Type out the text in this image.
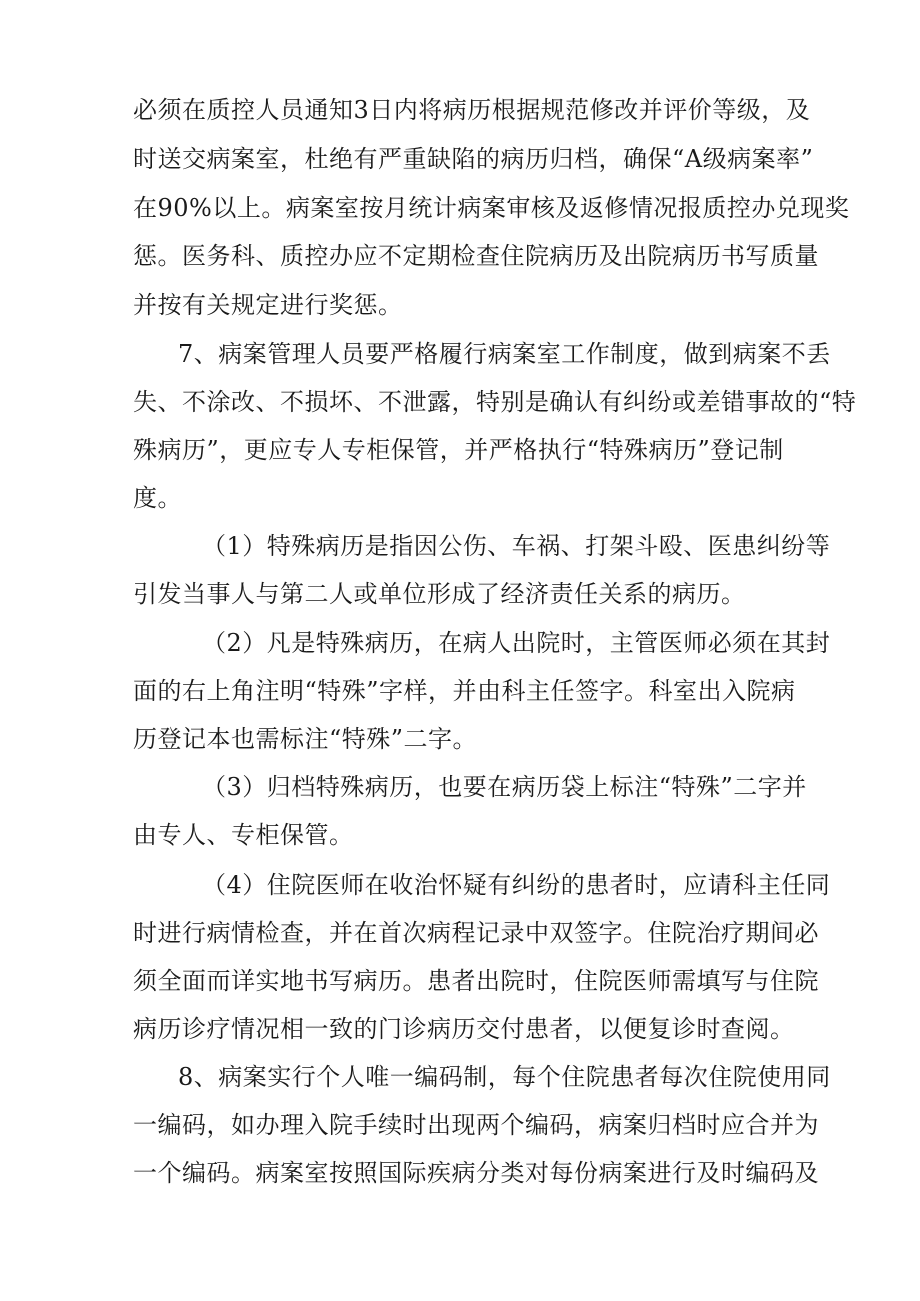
必须在质控人员通知3日内将病历根据规范修改并评价等级，及
时送交病案室，杜绝有严重缺陷的病历归档，确保“A级病案率”
在90%以上。病案室按月统计病案审核及返修情况报质控办兑现奖
惩。医务科、质控办应不定期检查住院病历及出院病历书写质量
并按有关规定进行奖惩。
7、病案管理人员要严格履行病案室工作制度，做到病案不丢
失、不涂改、不损坏、不泄露，特别是确认有纠纷或差错事故的“特
殊病历”，更应专人专柜保管，并严格执行“特殊病历”登记制
度。
（1）特殊病历是指因公伤、车祸、打架斗殴、医患纠纷等
引发当事人与第二人或单位形成了经济责任关系的病历。
（2）凡是特殊病历，在病人出院时，主管医师必须在其封
面的右上角注明“特殊”字样，并由科主任签字。科室出入院病
历登记本也需标注“特殊”二字。
（3）归档特殊病历，也要在病历袋上标注“特殊”二字并
由专人、专柜保管。
（4）住院医师在收治怀疑有纠纷的患者时，应请科主任同
时进行病情检查，并在首次病程记录中双签字。住院治疗期间必
须全面而详实地书写病历。患者出院时，住院医师需填写与住院
病历诊疗情况相一致的门诊病历交付患者，以便复诊时查阅。
8、病案实行个人唯一编码制，每个住院患者每次住院使用同
一编码，如办理入院手续时出现两个编码，病案归档时应合并为
一个编码。病案室按照国际疾病分类对每份病案进行及时编码及
